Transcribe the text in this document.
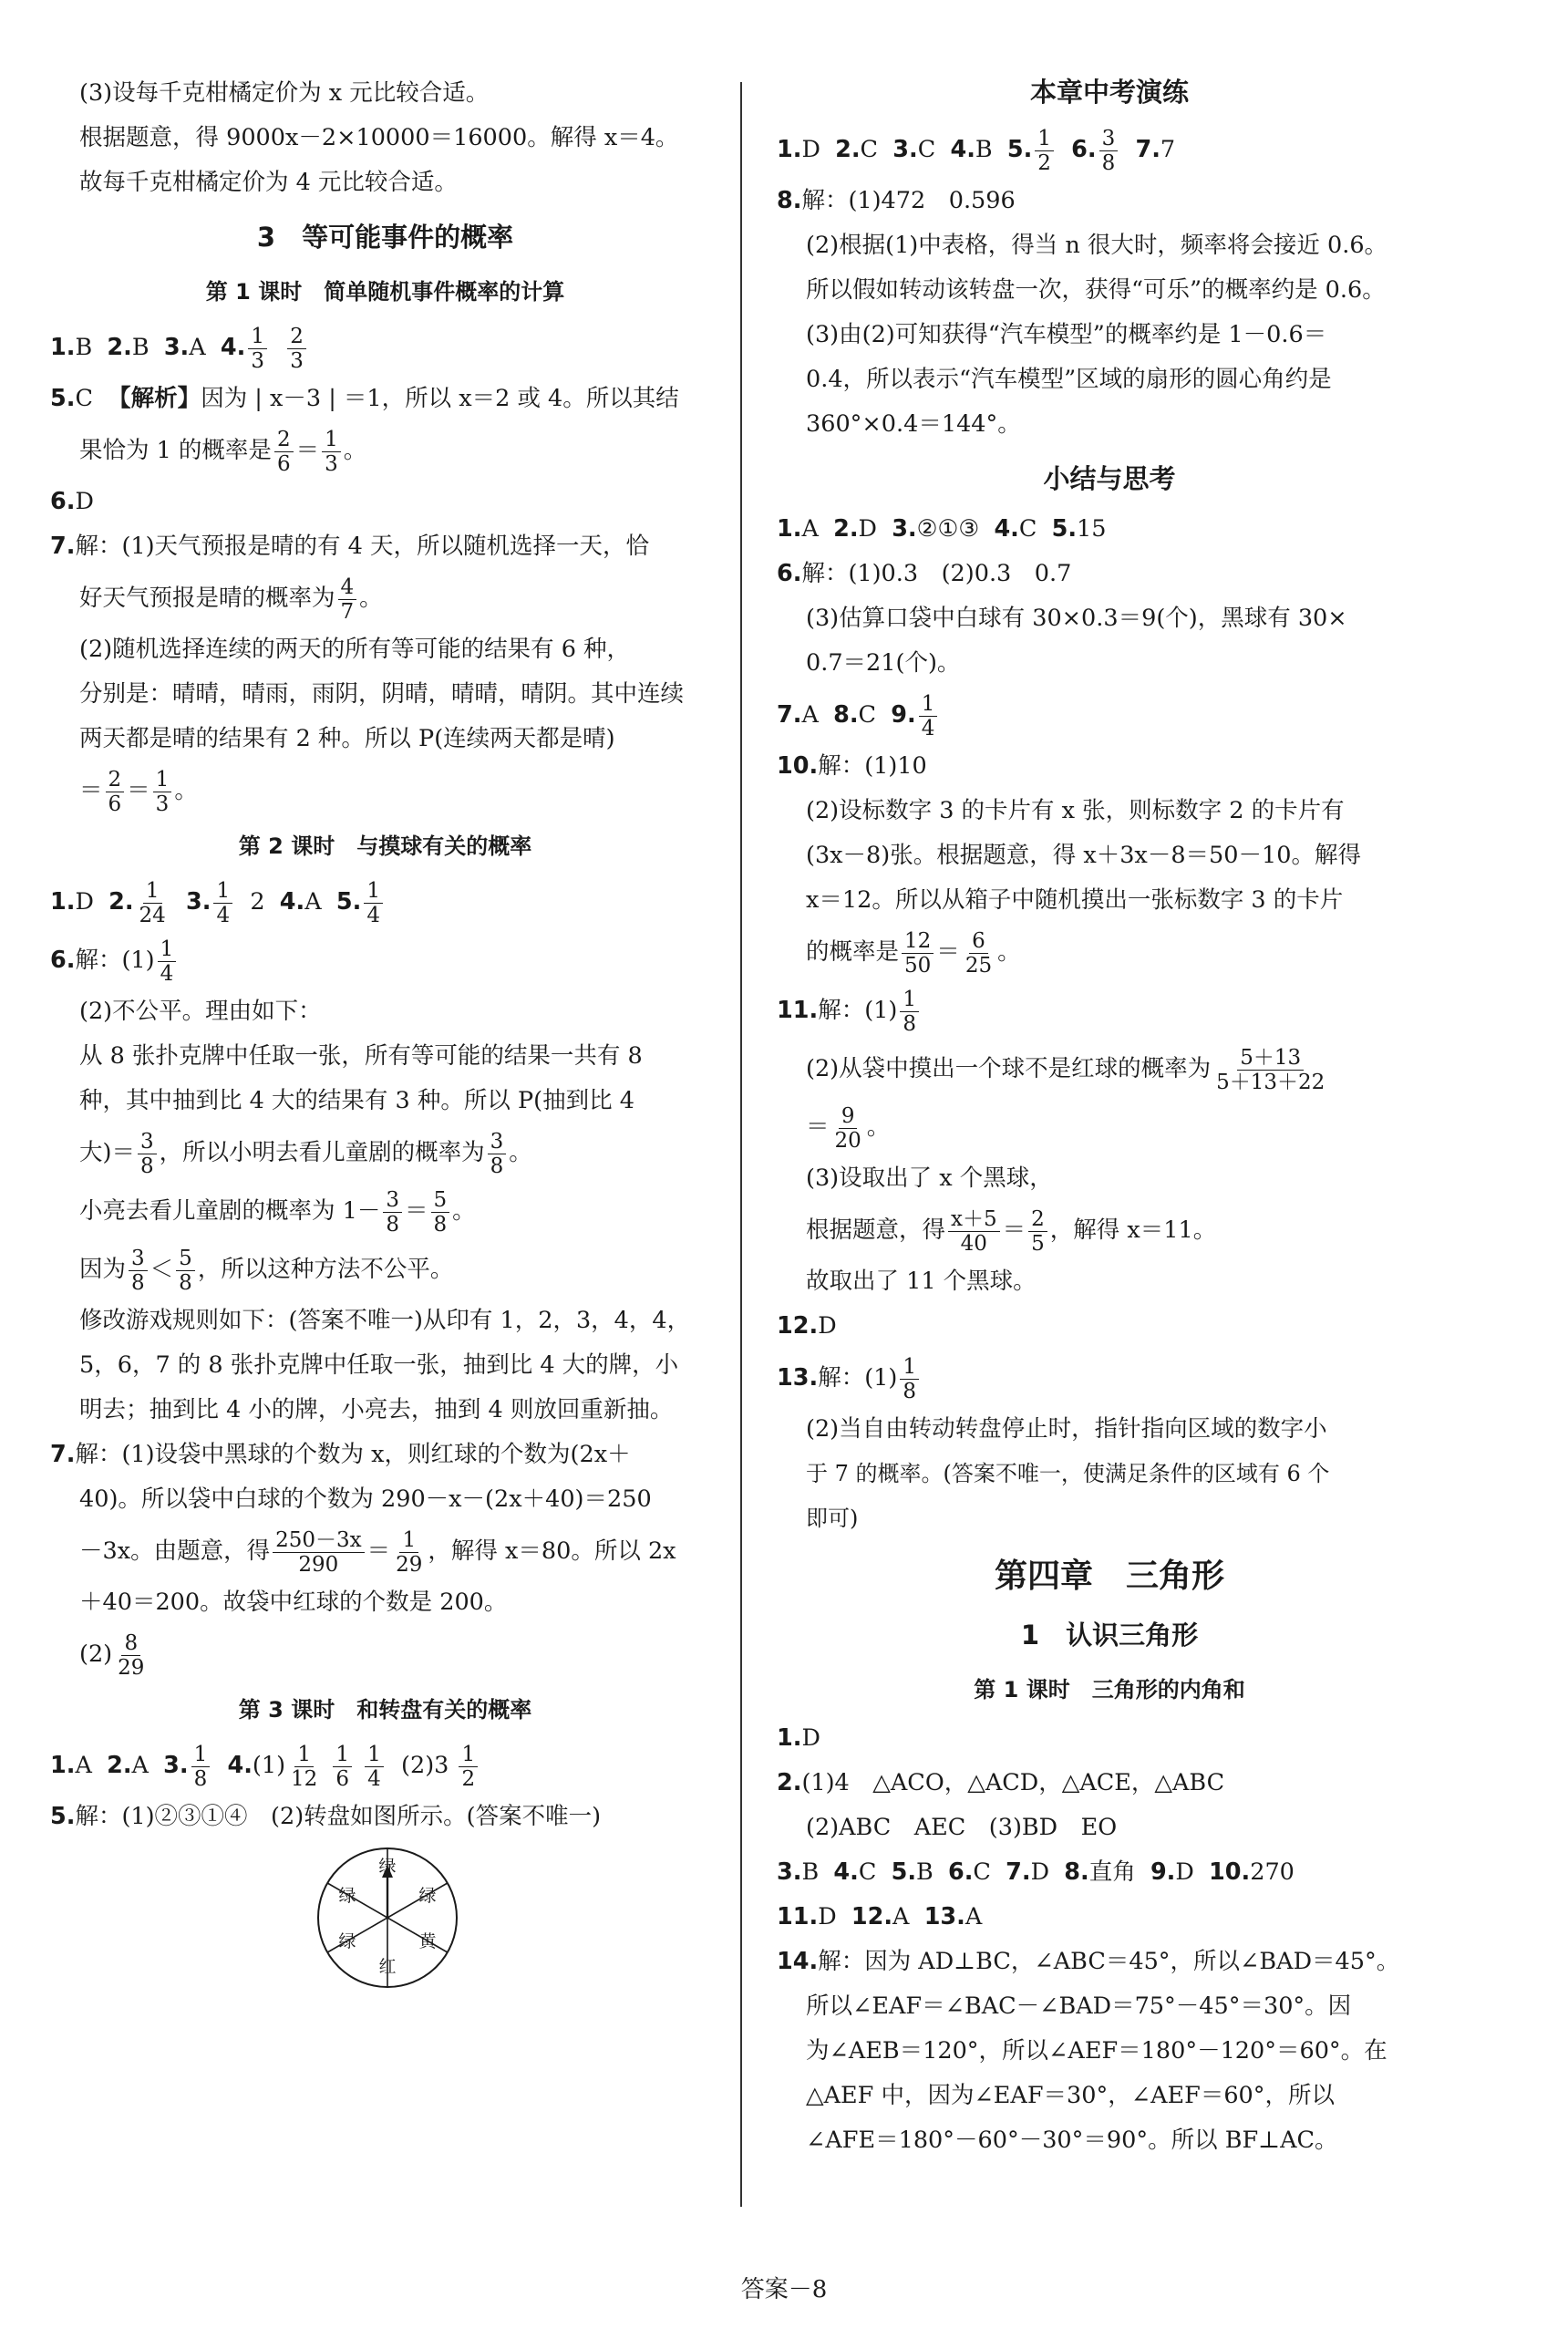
(3)设每千克柑橘定价为 x 元比较合适。

根据题意，得 9000x－2×10000＝16000。解得 x＝4。

故每千克柑橘定价为 4 元比较合适。

3　等可能事件的概率
第 1 课时　简单随机事件概率的计算

1.B 2.B 3.A 4. $\frac{1}{3}$
$\frac{2}{3}$

5.C 【解析】因为 | x－3 | ＝1，所以 x＝2 或 4。所以其结

果恰为 1 的概率是 $\frac{2}{6} = \frac{1}{3}$ 。

6.D

7.解：(1)天气预报是晴的有 4 天，所以随机选择一天，恰

好天气预报是晴的概率为 $\frac{4}{7}$ 。

(2)随机选择连续的两天的所有等可能的结果有 6 种，

分别是：晴晴，晴雨，雨阴，阴晴，晴晴，晴阴。其中连续

两天都是晴的结果有 2 种。所以 P(连续两天都是晴)

＝ $\frac{2}{6} = \frac{1}{3}$ 。

第 2 课时　与摸球有关的概率

1.D 2. $\frac{1}{24} 3$. $\frac{1}{4} 2$ 4.A 5. $\frac{1}{4}$

6.解：$(1) \frac{1}{4}$

(2)不公平。理由如下：

从 8 张扑克牌中任取一张，所有等可能的结果一共有 8

种，其中抽到比 4 大的结果有 3 种。所以 P(抽到比 4

大)＝ $\frac{3}{8}$ ，所以小明去看儿童剧的概率为 $\frac{3}{8}$ 。

小亮去看儿童剧的概率为 $1- \frac{3}{8} = \frac{5}{8}$ 。

因为 $\frac{3}{8} < \frac{5}{8}$ ，所以这种方法不公平。

修改游戏规则如下：(答案不唯一)从印有 1，2，3，4，4，

5，6，7 的 8 张扑克牌中任取一张，抽到比 4 大的牌，小

明去；抽到比 4 小的牌，小亮去，抽到 4 则放回重新抽。

7.解：(1)设袋中黑球的个数为 x，则红球的个数为(2x＋

40)。所以袋中白球的个数为 290－x－(2x＋40)＝250

－3x。由题意，得 $\frac{250-3x}{290} = \frac{1}{29}$ ，解得 x＝80。所以 2x

＋40＝200。故袋中红球的个数是 200。

$(2) \frac{8}{29}$

第 3 课时　和转盘有关的概率

1.A 2.A 3. $\frac{1}{8} 4.(1) \frac{1}{12}$
$\frac{1}{6}$
$\frac{1}{4} (2)3 \frac{1}{2}$

5.解：(1)②③①④　(2)转盘如图所示。(答案不唯一)

绿
绿
黄
红
绿
绿
本章中考演练

1.D 2.C 3.C 4.B 5. $\frac{1}{2} 6$. $\frac{3}{8} 7.7$

8.解：(1)472　0.596

(2)根据(1)中表格，得当 n 很大时，频率将会接近 0.6。

所以假如转动该转盘一次，获得“可乐”的概率约是 0.6。

(3)由(2)可知获得“汽车模型”的概率约是 1－0.6＝

0.4，所以表示“汽车模型”区域的扇形的圆心角约是

360°×0.4＝144°。

小结与思考

1.A 2.D 3.②①③ 4.C 5.15

6.解：(1)0.3　(2)0.3　0.7

(3)估算口袋中白球有 30×0.3＝9(个)，黑球有 30×

0.7＝21(个)。

7.A 8.C 9. $\frac{1}{4}$

10.解：(1)10

(2)设标数字 3 的卡片有 x 张，则标数字 2 的卡片有

(3x－8)张。根据题意，得 x＋3x－8＝50－10。解得

x＝12。所以从箱子中随机摸出一张标数字 3 的卡片

的概率是 $\frac{12}{50} = \frac{6}{25}$ 。

11.解：$(1) \frac{1}{8}$

(2)从袋中摸出一个球不是红球的概率为 $\frac{5+13}{5+13+22}$

＝ $\frac{9}{20}$ 。

(3)设取出了 x 个黑球，

根据题意，得 $\frac{x+5}{40} = \frac{2}{5}$ ，解得 x＝11。

故取出了 11 个黑球。

12.D

13.解：$(1) \frac{1}{8}$

(2)当自由转动转盘停止时，指针指向区域的数字小

于 7 的概率。(答案不唯一，使满足条件的区域有 6 个

即可)

第四章　三角形
1　认识三角形
第 1 课时　三角形的内角和

1.D

2.(1)4　△ACO，△ACD，△ACE，△ABC

(2)ABC　AEC　(3)BD　EO

3.B 4.C 5.B 6.C 7.D 8.直角 9.D 10.270

11.D 12.A 13.A

14.解：因为 AD⊥BC，∠ABC＝45°，所以∠BAD＝45°。

所以∠EAF＝∠BAC－∠BAD＝75°－45°＝30°。因

为∠AEB＝120°，所以∠AEF＝180°－120°＝60°。在

△AEF 中，因为∠EAF＝30°，∠AEF＝60°，所以

∠AFE＝180°－60°－30°＝90°。所以 BF⊥AC。

答案－8
